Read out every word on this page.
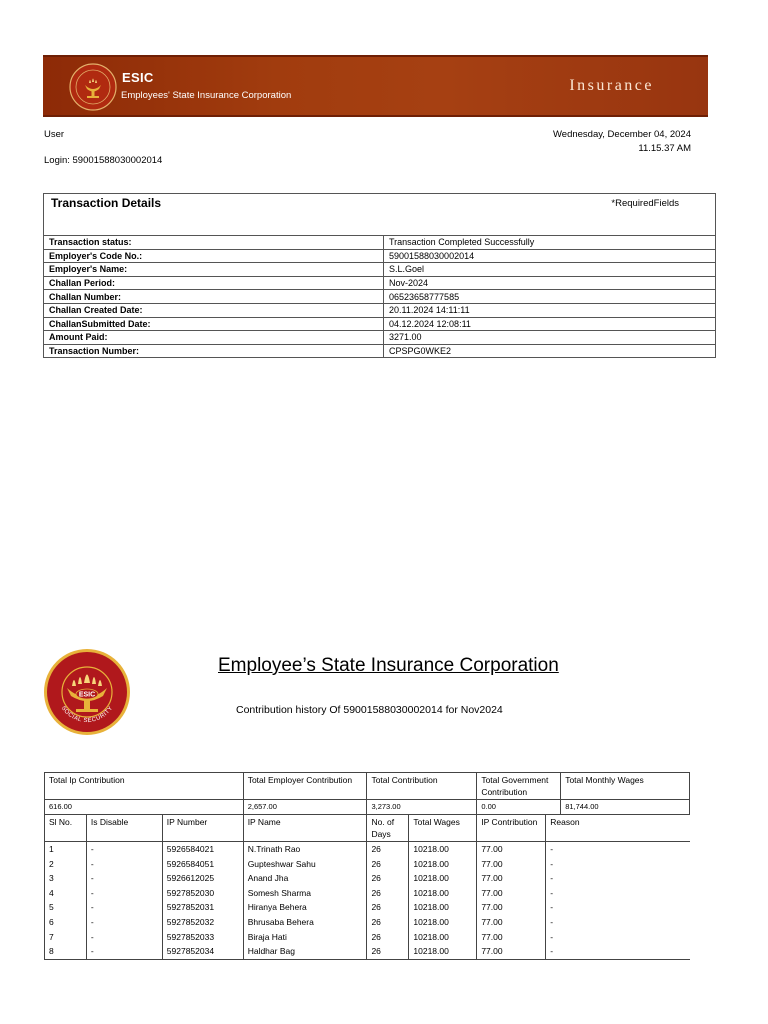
ESIC
Employees' State Insurance Corporation
Insurance
User
Login: 59001588030002014
Wednesday, December 04, 2024
11.15.37 AM
Transaction Details	*RequiredFields
Transaction status:	Transaction Completed Successfully
Employer's Code No.:	59001588030002014
Employer's Name:	S.L.Goel
Challan Period:	Nov-2024
Challan Number:	06523658777585
Challan Created Date:	20.11.2024 14:11:11
ChallanSubmitted Date:	04.12.2024 12:08:11
Amount Paid:	3271.00
Transaction Number:	CPSPG0WKE2
ESIC
SOCIAL SECURITY
Employee’s State Insurance Corporation
Contribution history Of 59001588030002014 for Nov2024
Total Ip Contribution			Total Employer Contribution	Total Contribution		Total Government Contribution		Total Monthly Wages
616.00			2,657.00	3,273.00		0.00		81,744.00
Sl No.	Is Disable	IP Number	IP Name	No. of Days	Total Wages	IP Contribution	Reason	
1	-	5926584021	N.Trinath Rao	26	10218.00	77.00	-	
2	-	5926584051	Gupteshwar Sahu	26	10218.00	77.00	-	
3	-	5926612025	Anand Jha	26	10218.00	77.00	-	
4	-	5927852030	Somesh Sharma	26	10218.00	77.00	-	
5	-	5927852031	Hiranya Behera	26	10218.00	77.00	-	
6	-	5927852032	Bhrusaba Behera	26	10218.00	77.00	-	
7	-	5927852033	Biraja Hati	26	10218.00	77.00	-	
8	-	5927852034	Haldhar Bag	26	10218.00	77.00	-	
